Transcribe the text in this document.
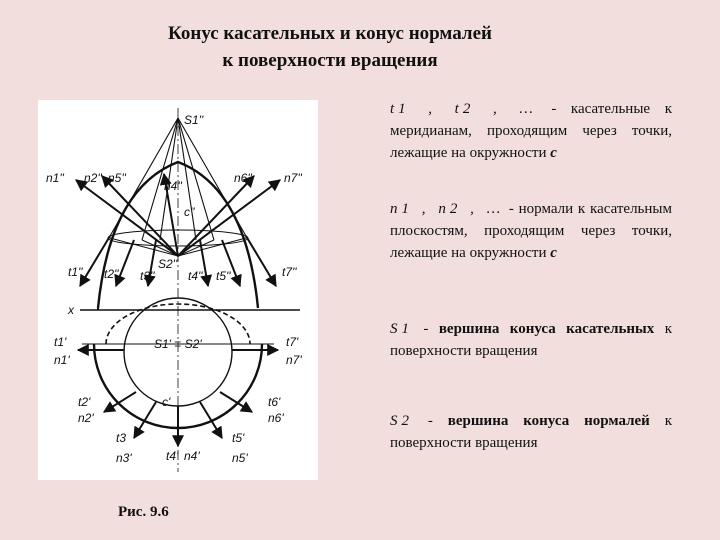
Конус касательных и конус нормалей
к поверхности вращения
c''
S1''
S2''
n1'' n2'' n5''
n4''
n6''	n7''
t1'' t2'' t3''	t4'' t5''	t7''
x
c'
S1' ≡ S2'
t1'
n1'
t7'
n7'
t2'
n2'
t6'
n6'
t3
n3'	t4' n4'
t5'
n5'
Рис. 9.6

t1 , t2 , … - касательные к меридианам, проходящим через точки, лежащие на окружности c

n1 , n2 , … - нормали к касательным плоскостям, проходящим через точки, лежащие на окружности c

S1 - вершина конуса касательных к поверхности вращения

S2 - вершина конуса нормалей к поверхности вращения
